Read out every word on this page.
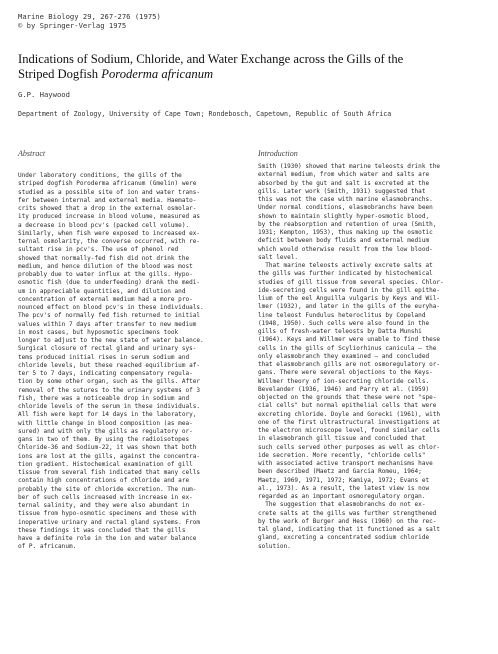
Marine Biology 29, 267-276 (1975)
© by Springer-Verlag 1975
Indications of Sodium, Chloride, and Water Exchange across the Gills of the
Striped Dogfish Poroderma africanum
G.P. Haywood
Department of Zoology, University of Cape Town; Rondebosch, Capetown, Republic of South Africa
Abstract
Under laboratory conditions, the gills of the
striped dogfish Poroderma africanum (Gmelin) were
studied as a possible site of ion and water trans-
fer between internal and external media. Haemato-
crits showed that a drop in the external osmolar-
ity produced increase in blood volume, measured as
a decrease in blood pcv's (packed cell volume).
Similarly, when fish were exposed to increased ex-
ternal osmolarity, the converse occurred, with re-
sultant rise in pcv's. The use of phenol red
showed that normally-fed fish did not drink the
medium, and hence dilution of the blood was most
probably due to water influx at the gills. Hypo-
osmotic fish (due to underfeeding) drank the medi-
um in appreciable quantities, and dilution and
concentration of external medium had a more pro-
nounced effect on blood pcv's in these individuals.
The pcv's of normally fed fish returned to initial
values within 7 days after transfer to new medium
in most cases, but hyposmotic specimens took
longer to adjust to the new state of water balance.
Surgical closure of rectal gland and urinary sys-
tems produced initial rises in serum sodium and
chloride levels, but these reached equilibrium af-
ter 5 to 7 days, indicating compensatory regula-
tion by some other organ, such as the gills. After
removal of the sutures to the urinary systems of 3
fish, there was a noticeable drop in sodium and
chloride levels of the serum in these individuals.
All fish were kept for 14 days in the laboratory,
with little change in blood composition (as mea-
sured) and with only the gills as regulatory or-
gans in two of them. By using the radioisotopes
Chloride-36 and Sodium-22, it was shown that both
ions are lost at the gills, against the concentra-
tion gradient. Histochemical examination of gill
tissue from several fish indicated that many cells
contain high concentrations of chloride and are
probably the site of chloride excretion. The num-
ber of such cells increased with increase in ex-
ternal salinity, and they were also abundant in
tissue from hypo-osmotic specimens and those with
inoperative urinary and rectal gland systems. From
these findings it was concluded that the gills
have a definite role in the ion and water balance
of P. africanum.
Introduction
Smith (1930) showed that marine teleosts drink the
external medium, from which water and salts are
absorbed by the gut and salt is excreted at the
gills. Later work (Smith, 1931) suggested that
this was not the case with marine elasmobranchs.
Under normal conditions, elasmobranchs have been
shown to maintain slightly hyper-osmotic blood,
by the reabsorption and retention of urea (Smith,
1931; Kempton, 1953), thus making up the osmotic
deficit between body fluids and external medium
which would otherwise result from the low blood-
salt level.
That marine teleosts actively excrete salts at
the gills was further indicated by histochemical
studies of gill tissue from several species. Chlor-
ide-secreting cells were found in the gill epithe-
lium of the eel Anguilla vulgaris by Keys and Wil-
lmer (1932), and later in the gills of the euryha-
line teleost Fundulus heteroclitus by Copeland
(1948, 1950). Such cells were also found in the
gills of fresh-water teleosts by Datta Munshi
(1964). Keys and Willmer were unable to find these
cells in the gills of Scyliorhinus canicula — the
only elasmobranch they examined — and concluded
that elasmobranch gills are not osmoregulatory or-
gans. There were several objections to the Keys-
Willmer theory of ion-secreting chloride cells.
Bevelander (1936, 1946) and Parry et al. (1959)
objected on the grounds that these were not "spe-
cial cells" but normal epithelial cells that were
excreting chloride. Doyle and Gorecki (1961), with
one of the first ultrastructural investigations at
the electron microscope level, found similar cells
in elasmobranch gill tissue and concluded that
such cells served other purposes as well as chlor-
ide secretion. More recently, "chloride cells"
with associated active transport mechanisms have
been described (Maetz and Garcia Romeu, 1964;
Maetz, 1969, 1971, 1972; Kamiya, 1972; Evans et
al., 1973). As a result, the latest view is now
regarded as an important osmoregulatory organ.
The suggestion that elasmobranchs do not ex-
crete salts at the gills was further strengthened
by the work of Burger and Hess (1960) on the rec-
tal gland, indicating that it functioned as a salt
gland, excreting a concentrated sodium chloride
solution.
